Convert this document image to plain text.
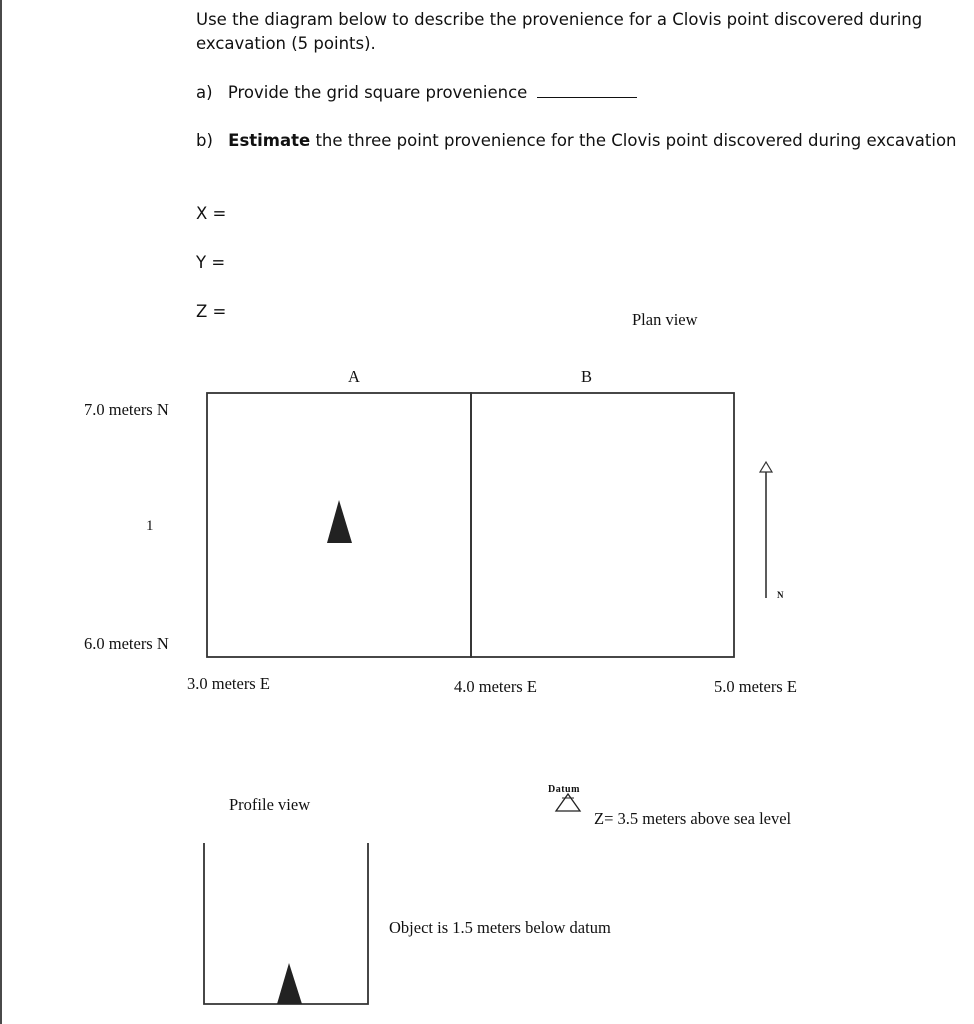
Use the diagram below to describe the provenience for a Clovis point discovered during
excavation (5 points).
a) Provide the grid square provenience
b) Estimate the three point provenience for the Clovis point discovered during excavation
X =
Y =
Z =	Plan view
A	B
7.0 meters N
1
6.0 meters N
3.0 meters E	4.0 meters E	5.0 meters E
N
Datum
Z= 3.5 meters above sea level
Profile view
Object is 1.5 meters below datum
